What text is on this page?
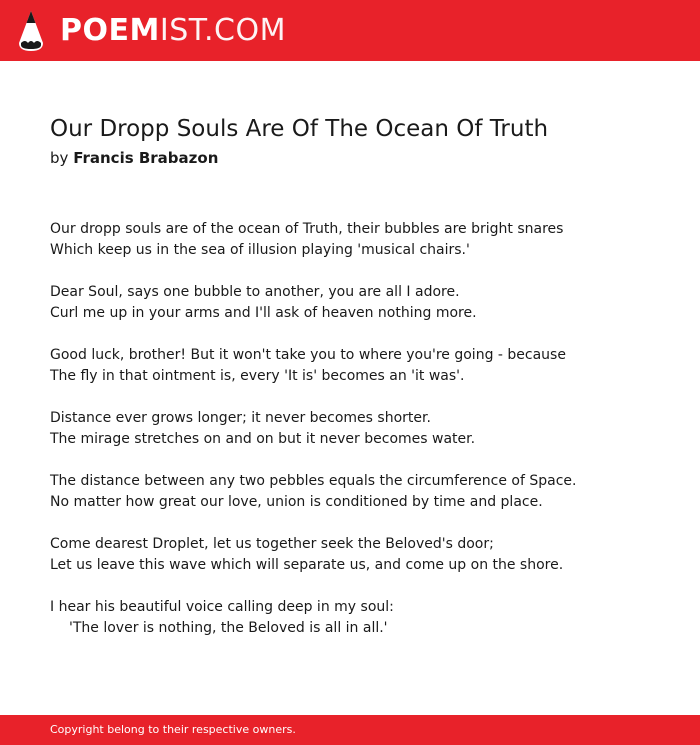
POEMIST.COM
Our Dropp Souls Are Of The Ocean Of Truth
by Francis Brabazon
Our dropp souls are of the ocean of Truth, their bubbles are bright snares
Which keep us in the sea of illusion playing 'musical chairs.'
Dear Soul, says one bubble to another, you are all I adore.
Curl me up in your arms and I'll ask of heaven nothing more.
Good luck, brother! But it won't take you to where you're going - because
The fly in that ointment is, every 'It is' becomes an 'it was'.
Distance ever grows longer; it never becomes shorter.
The mirage stretches on and on but it never becomes water.
The distance between any two pebbles equals the circumference of Space.
No matter how great our love, union is conditioned by time and place.
Come dearest Droplet, let us together seek the Beloved's door;
Let us leave this wave which will separate us, and come up on the shore.
I hear his beautiful voice calling deep in my soul:
'The lover is nothing, the Beloved is all in all.'
Copyright belong to their respective owners.
